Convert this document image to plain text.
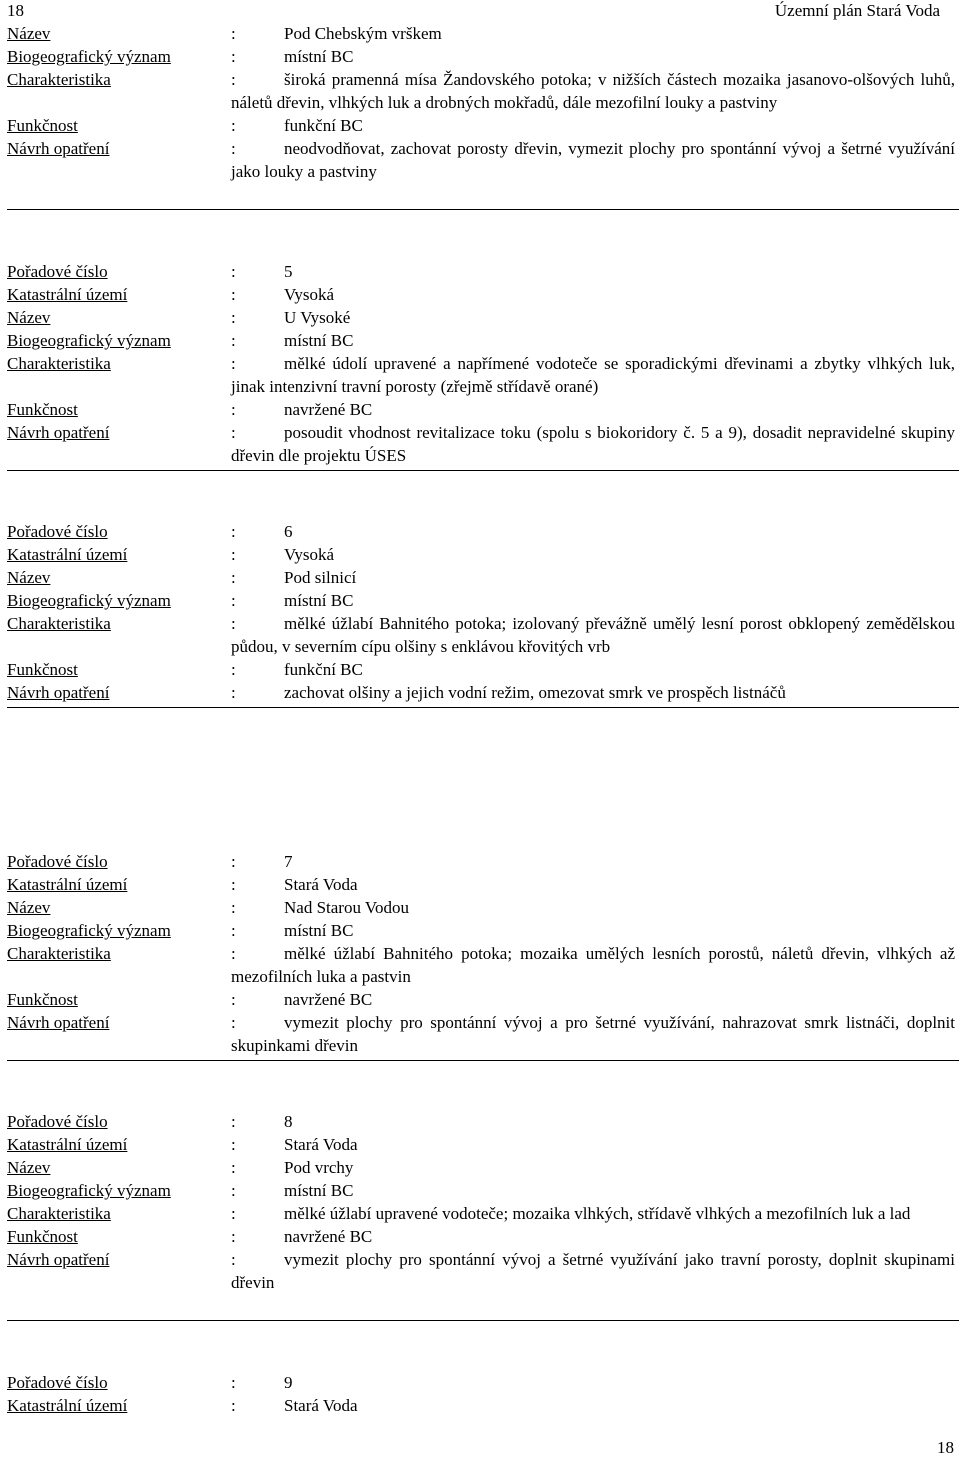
18	Územní plán Stará Voda
Název	:	Pod Chebským vrškem
Biogeografický význam	:	místní BC
Charakteristika	:	široká pramenná mísa Žandovského potoka; v nižších částech mozaika jasanovo-olšových luhů, náletů dřevin, vlhkých luk a drobných mokřadů, dále mezofilní louky a pastviny
Funkčnost	:	funkční BC
Návrh opatření	:	neodvodňovat, zachovat porosty dřevin, vymezit plochy pro spontánní vývoj a šetrné využívání jako louky a pastviny
Pořadové číslo	:	5
Katastrální území	:	Vysoká
Název	:	U Vysoké
Biogeografický význam	:	místní BC
Charakteristika	:	mělké údolí upravené a napřímené vodoteče se sporadickými dřevinami a zbytky vlhkých luk, jinak intenzivní travní porosty (zřejmě střídavě orané)
Funkčnost	:	navržené BC
Návrh opatření	:	posoudit vhodnost revitalizace toku (spolu s biokoridory č. 5 a 9), dosadit nepravidelné skupiny dřevin dle projektu ÚSES
Pořadové číslo	:	6
Katastrální území	:	Vysoká
Název	:	Pod silnicí
Biogeografický význam	:	místní BC
Charakteristika	:	mělké úžlabí Bahnitého potoka; izolovaný převážně umělý lesní porost obklopený zemědělskou půdou, v severním cípu olšiny s enklávou křovitých vrb
Funkčnost	:	funkční BC
Návrh opatření	:	zachovat olšiny a jejich vodní režim, omezovat smrk ve prospěch listnáčů
Pořadové číslo	:	7
Katastrální území	:	Stará Voda
Název	:	Nad Starou Vodou
Biogeografický význam	:	místní BC
Charakteristika	:	mělké úžlabí Bahnitého potoka; mozaika umělých lesních porostů, náletů dřevin, vlhkých až mezofilních luka a pastvin
Funkčnost	:	navržené BC
Návrh opatření	:	vymezit plochy pro spontánní vývoj a pro šetrné využívání, nahrazovat smrk listnáči, doplnit skupinkami dřevin
Pořadové číslo	:	8
Katastrální území	:	Stará Voda
Název	:	Pod vrchy
Biogeografický význam	:	místní BC
Charakteristika	:	mělké úžlabí upravené vodoteče; mozaika vlhkých, střídavě vlhkých a mezofilních luk a lad
Funkčnost	:	navržené BC
Návrh opatření	:	vymezit plochy pro spontánní vývoj a šetrné využívání jako travní porosty, doplnit skupinami dřevin
Pořadové číslo	:	9
Katastrální území	:	Stará Voda
18
